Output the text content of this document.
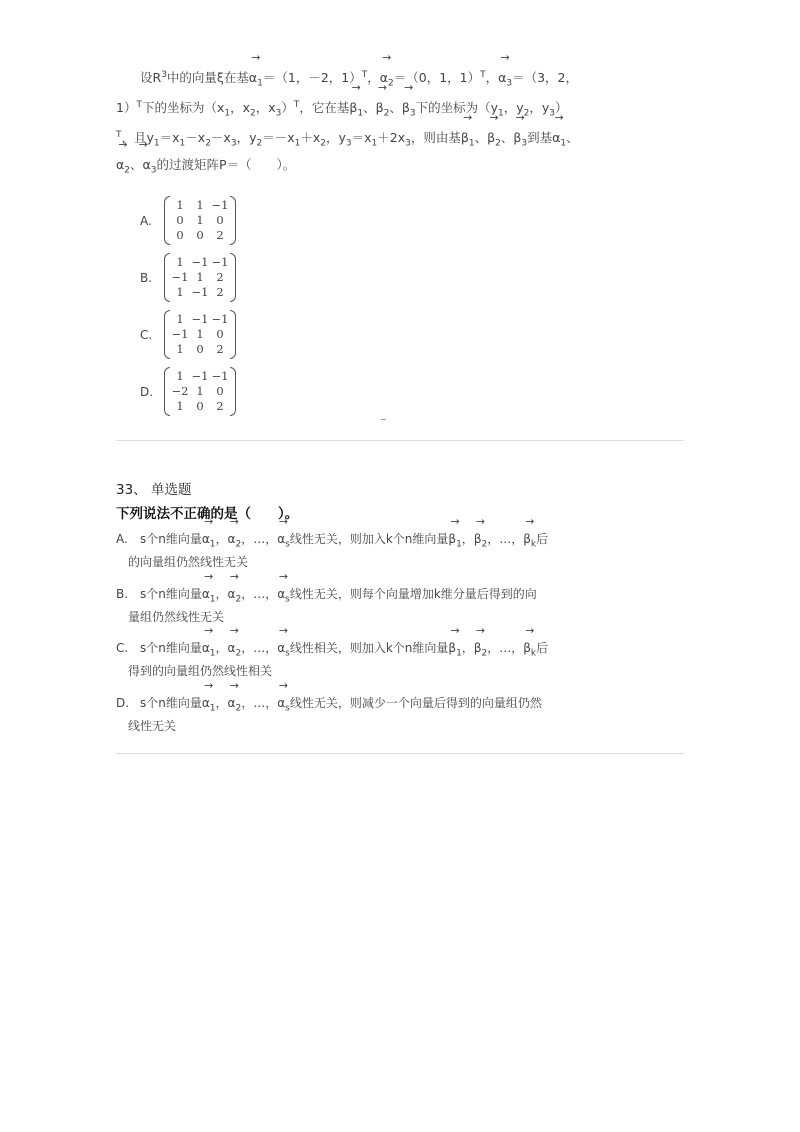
设$R^3$中的向量ξ在基→ $\alpha_1=(1$，－2，1）$^T$，→ $\alpha_2=(0$，1，1）$^T$，→ $\alpha_3=(3$，2，
1）$^T$下的坐标为（$x_1$，$x_2$，$x_3)^T$，它在基→ $\beta_1$、→ $\beta_2$、→ $\beta_3$下的坐标为（$y_1$，$y_2$，$y_3$）
$^T$，且$y_1=x_1-x_2-x_3$，$y_2=-x_1+x_2$，$y_3=x_1+2x_3$，则由基→ $\beta_1$、→ $\beta_2$、→ $\beta_3$到基→ $\alpha_1$、
→ $\alpha_2\to$ 、$\alpha_3$的过渡矩阵P＝（　　）。
A.
1	1 −1
0	1	0
0	0	2
B.
1 −1 −1
−1 1	2
1 −1 2
C.
1 −1 −1
−1 1	0
1	0	2
D.
1 −1 −1
−2 1	0
1	0	2
33、 单选题
下列说法不正确的是（　　）。
A. s个n维向量→ $\alpha_1$，→ $\alpha_2$，…，→ $\alpha_s$线性无关，则加入k个n维向量→ $\beta_1$，→ $\beta_2$，…，→ $\beta_k$后
的向量组仍然线性无关
B. s个n维向量→ $\alpha_1$，→ $\alpha_2$，…，→ $\alpha_s$线性无关，则每个向量增加k维分量后得到的向
量组仍然线性无关
C. s个n维向量→ $\alpha_1$，→ $\alpha_2$，…，→ $\alpha_s$线性相关，则加入k个n维向量→ $\beta_1$，→ $\beta_2$，…，→ $\beta_k$后
得到的向量组仍然线性相关
D. s个n维向量→ $\alpha_1$，→ $\alpha_2$，…，→ $\alpha_s$线性无关，则减少一个向量后得到的向量组仍然
线性无关
